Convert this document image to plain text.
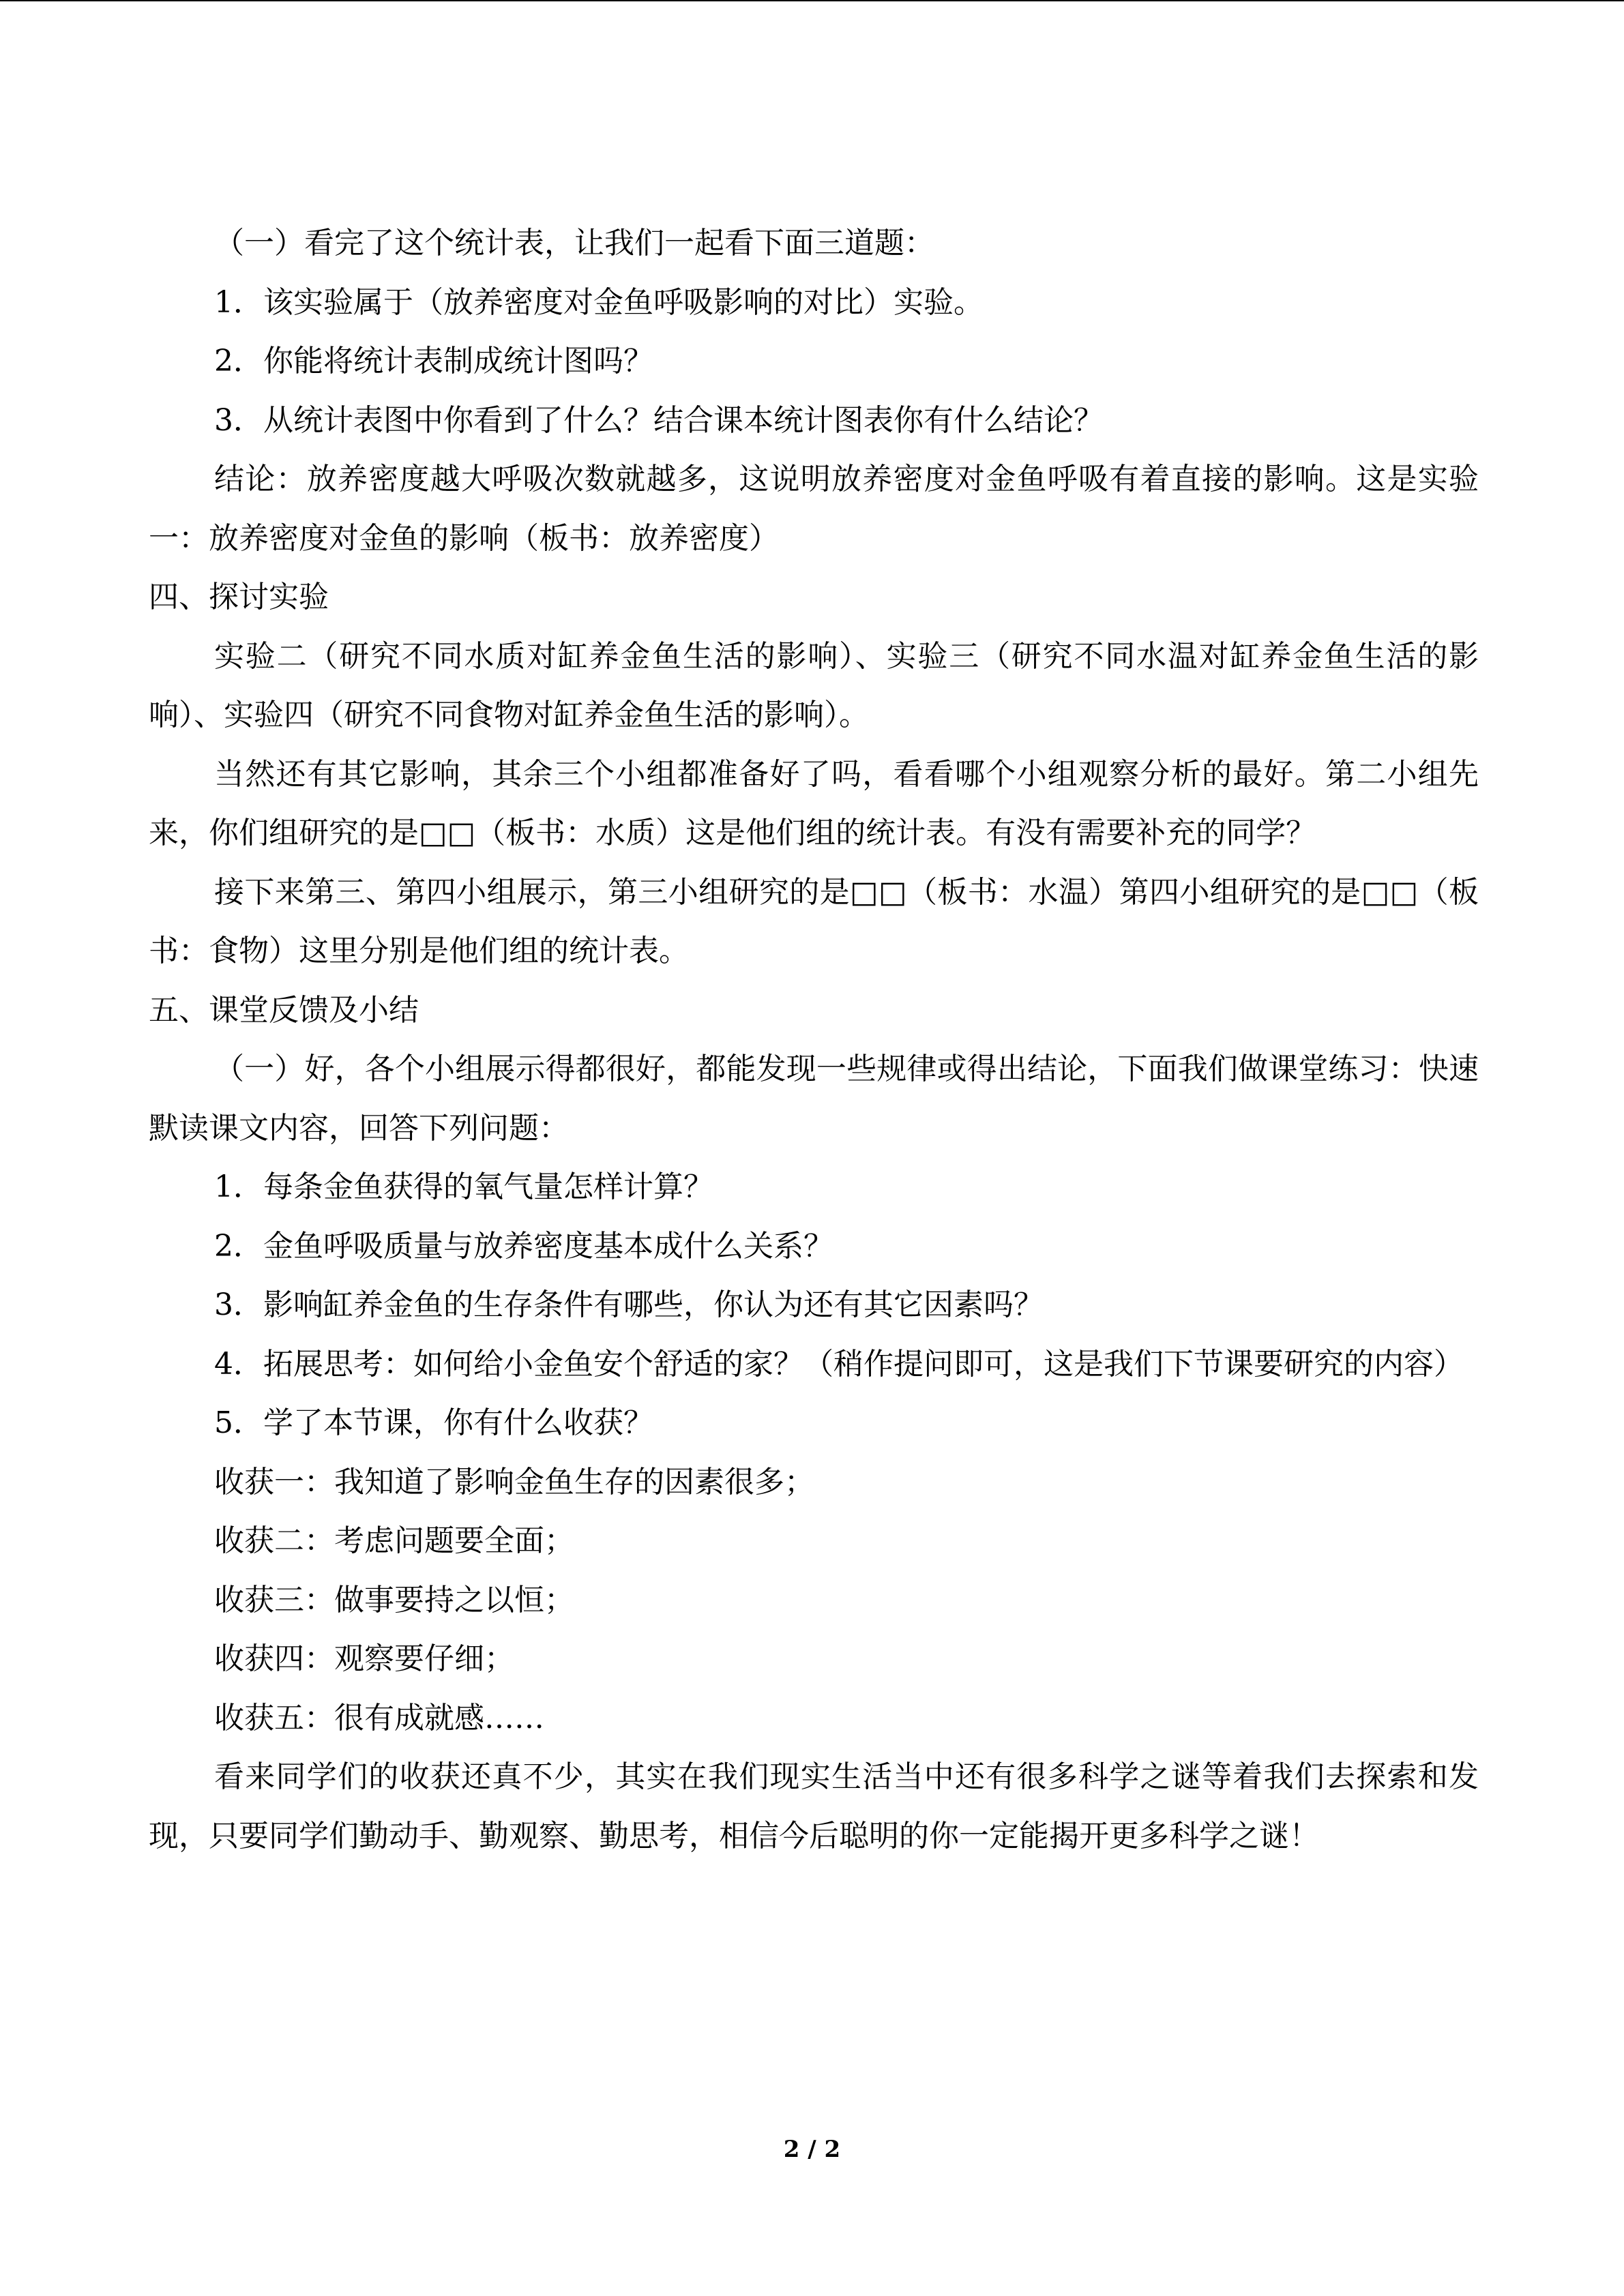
（一）看完了这个统计表，让我们一起看下面三道题：

1．该实验属于（放养密度对金鱼呼吸影响的对比）实验。

2．你能将统计表制成统计图吗？

3．从统计表图中你看到了什么？结合课本统计图表你有什么结论？

结论：放养密度越大呼吸次数就越多，这说明放养密度对金鱼呼吸有着直接的影响。这是实验一：放养密度对金鱼的影响（板书：放养密度）

四、探讨实验

实验二（研究不同水质对缸养金鱼生活的影响）、实验三（研究不同水温对缸养金鱼生活的影响）、实验四（研究不同食物对缸养金鱼生活的影响）。

当然还有其它影响，其余三个小组都准备好了吗，看看哪个小组观察分析的最好。第二小组先来，你们组研究的是□□（板书：水质）这是他们组的统计表。有没有需要补充的同学？

接下来第三、第四小组展示，第三小组研究的是□□（板书：水温）第四小组研究的是□□（板书：食物）这里分别是他们组的统计表。

五、课堂反馈及小结

（一）好，各个小组展示得都很好，都能发现一些规律或得出结论，下面我们做课堂练习：快速默读课文内容，回答下列问题：

1．每条金鱼获得的氧气量怎样计算？

2．金鱼呼吸质量与放养密度基本成什么关系？

3．影响缸养金鱼的生存条件有哪些，你认为还有其它因素吗？

4．拓展思考：如何给小金鱼安个舒适的家？（稍作提问即可，这是我们下节课要研究的内容）

5．学了本节课，你有什么收获？

收获一：我知道了影响金鱼生存的因素很多；

收获二：考虑问题要全面；

收获三：做事要持之以恒；

收获四：观察要仔细；

收获五：很有成就感……

看来同学们的收获还真不少，其实在我们现实生活当中还有很多科学之谜等着我们去探索和发现，只要同学们勤动手、勤观察、勤思考，相信今后聪明的你一定能揭开更多科学之谜！

2 / 2
